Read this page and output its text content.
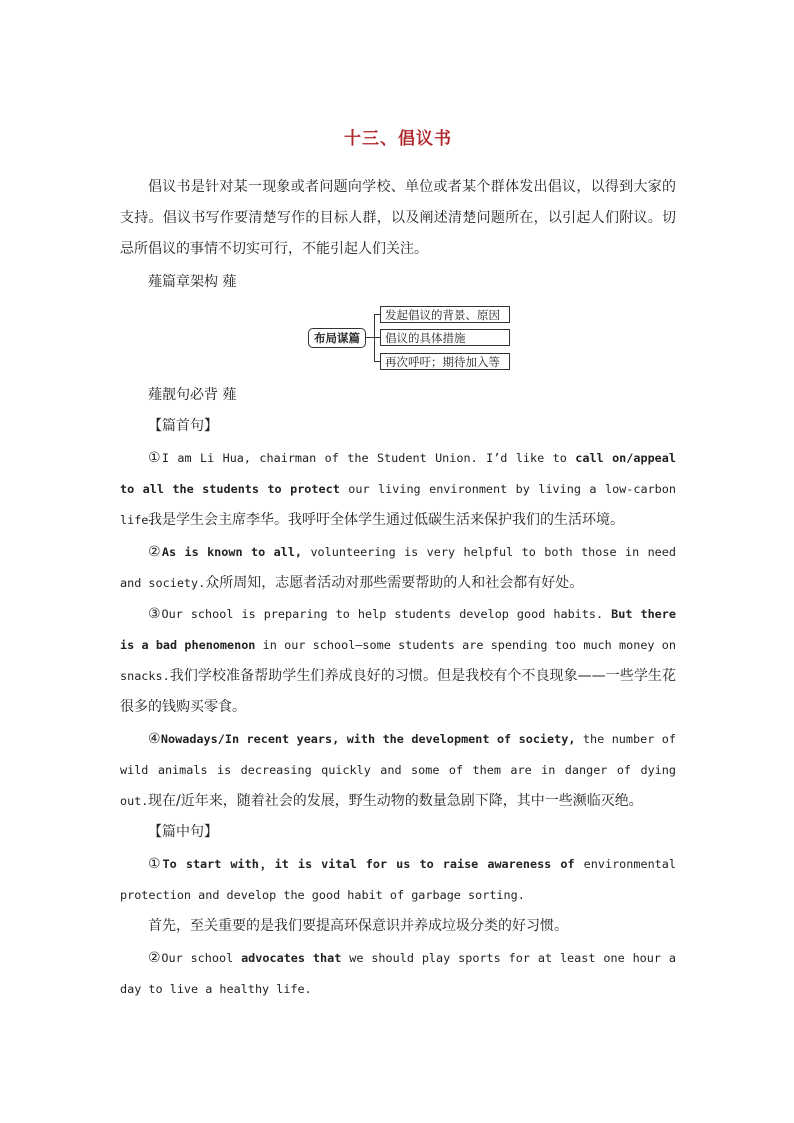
十三、倡议书

倡议书是针对某一现象或者问题向学校、单位或者某个群体发出倡议，以得到大家的支持。倡议书写作要清楚写作的目标人群，以及阐述清楚问题所在，以引起人们附议。切忌所倡议的事情不切实可行，不能引起人们关注。

薤篇章架构 薤
布局谋篇
发起倡议的背景、原因
倡议的具体措施
再次呼吁；期待加入等
薤靓句必背 薤
【篇首句】

①I am Li Hua, chairman of the Student Union. I’d like to call on/appeal to all the students to protect our living environment by living a low-carbon life.

我是学生会主席李华。我呼吁全体学生通过低碳生活来保护我们的生活环境。

②As is known to all, volunteering is very helpful to both those in need and society.众所周知，志愿者活动对那些需要帮助的人和社会都有好处。

③Our school is preparing to help students develop good habits. But there is a bad phenomenon in our school—some students are spending too much money on snacks.我们学校准备帮助学生们养成良好的习惯。但是我校有个不良现象——一些学生花很多的钱购买零食。

④Nowadays/In recent years, with the development of society, the number of wild animals is decreasing quickly and some of them are in danger of dying out. 现在/近年来，随着社会的发展，野生动物的数量急剧下降，其中一些濒临灭绝。

【篇中句】

①To start with，it is vital for us to raise awareness of environmental protection and develop the good habit of garbage sorting.

首先，至关重要的是我们要提高环保意识并养成垃圾分类的好习惯。

②Our school advocates that we should play sports for at least one hour a day to live a healthy life.
